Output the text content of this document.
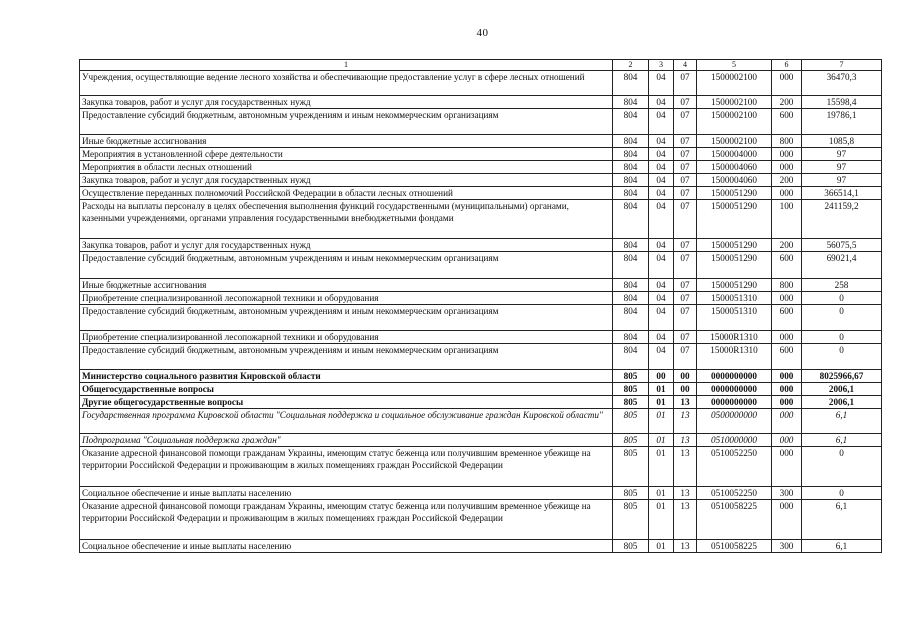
40
1	2	3	4	5	6	7
Учреждения, осуществляющие ведение лесного хозяйства и обеспечивающие предоставление услуг в сфере лесных отношений	804	04	07	1500002100	000	36470,3
Закупка товаров, работ и услуг для государственных нужд	804	04	07	1500002100	200	15598,4
Предоставление субсидий бюджетным, автономным учреждениям и иным некоммерческим организациям	804	04	07	1500002100	600	19786,1
Иные бюджетные ассигнования	804	04	07	1500002100	800	1085,8
Мероприятия в установленной сфере деятельности	804	04	07	1500004000	000	97
Мероприятия в области лесных отношений	804	04	07	1500004060	000	97
Закупка товаров, работ и услуг для государственных нужд	804	04	07	1500004060	200	97
Осуществление переданных полномочий Российской Федерации в области лесных отношений	804	04	07	1500051290	000	366514,1
Расходы на выплаты персоналу в целях обеспечения выполнения функций государственными (муниципальными) органами, казенными учреждениями, органами управления государственными внебюджетными фондами	804	04	07	1500051290	100	241159,2
Закупка товаров, работ и услуг для государственных нужд	804	04	07	1500051290	200	56075,5
Предоставление субсидий бюджетным, автономным учреждениям и иным некоммерческим организациям	804	04	07	1500051290	600	69021,4
Иные бюджетные ассигнования	804	04	07	1500051290	800	258
Приобретение специализированной лесопожарной техники и оборудования	804	04	07	1500051310	000	0
Предоставление субсидий бюджетным, автономным учреждениям и иным некоммерческим организациям	804	04	07	1500051310	600	0
Приобретение специализированной лесопожарной техники и оборудования	804	04	07	15000R1310	000	0
Предоставление субсидий бюджетным, автономным учреждениям и иным некоммерческим организациям	804	04	07	15000R1310	600	0
Министерство социального развития Кировской области	805	00	00	0000000000	000	8025966,67
Общегосударственные вопросы	805	01	00	0000000000	000	2006,1
Другие общегосударственные вопросы	805	01	13	0000000000	000	2006,1
Государственная программа Кировской области "Социальная поддержка и социальное обслуживание граждан Кировской области"	805	01	13	0500000000	000	6,1
Подпрограмма "Социальная поддержка граждан"	805	01	13	0510000000	000	6,1
Оказание адресной финансовой помощи гражданам Украины, имеющим статус беженца или получившим временное убежище на территории Российской Федерации и проживающим в жилых помещениях граждан Российской Федерации	805	01	13	0510052250	000	0
Социальное обеспечение и иные выплаты населению	805	01	13	0510052250	300	0
Оказание адресной финансовой помощи гражданам Украины, имеющим статус беженца или получившим временное убежище на территории Российской Федерации и проживающим в жилых помещениях граждан Российской Федерации	805	01	13	0510058225	000	6,1
Социальное обеспечение и иные выплаты населению	805	01	13	0510058225	300	6,1
